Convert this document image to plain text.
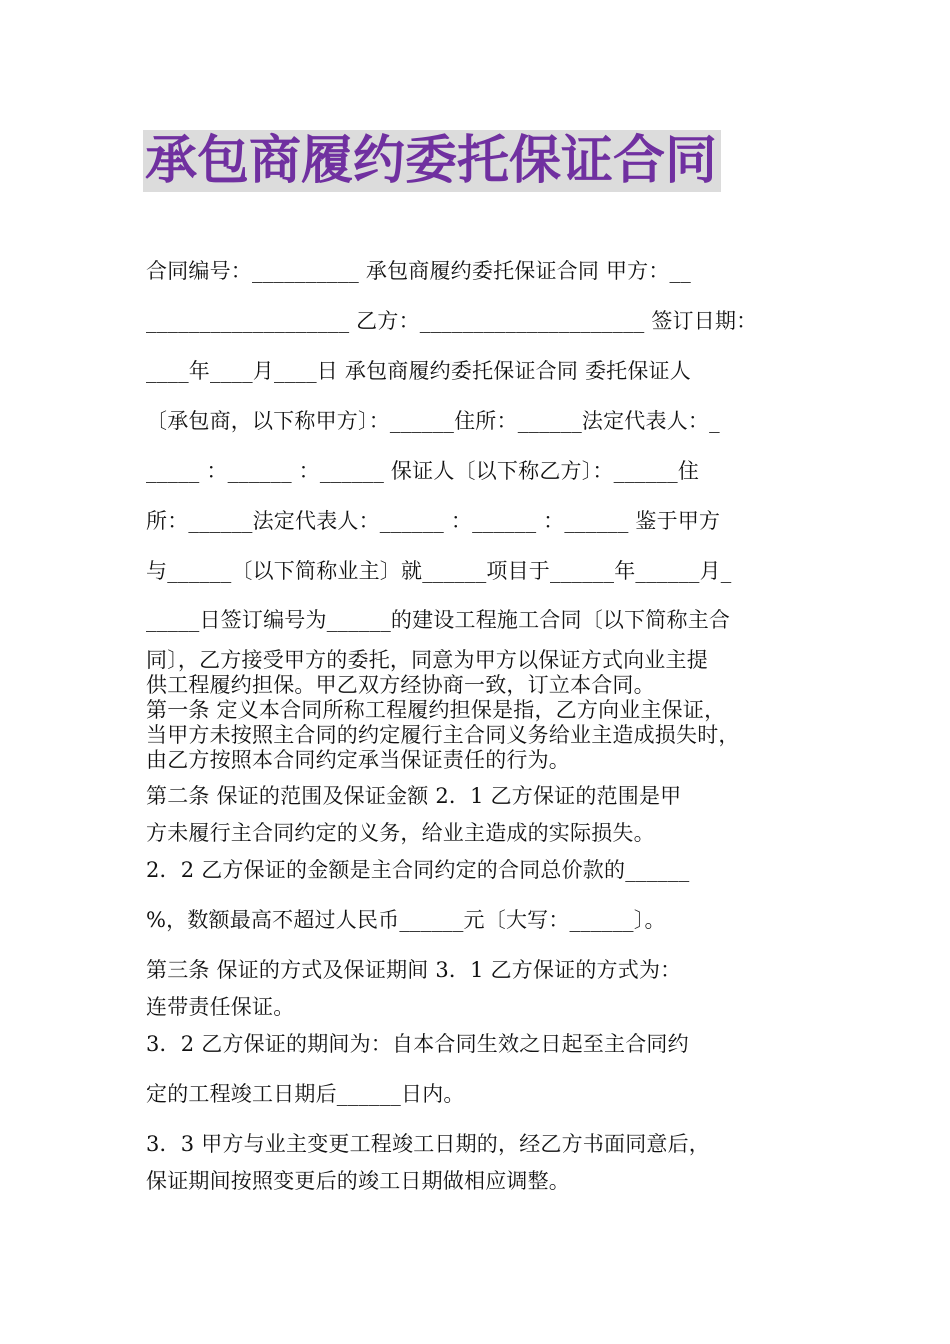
承包商履约委托保证合同
合同编号：__________ 承包商履约委托保证合同 甲方：__
___________________ 乙方：_____________________ 签订日期：
____年____月____日 承包商履约委托保证合同 委托保证人
〔承包商，以下称甲方〕：______住所：______法定代表人：_
_____ ：______ ：______ 保证人〔以下称乙方〕：______住
所：______法定代表人：______ ：______ ：______ 鉴于甲方
与______〔以下简称业主〕就______项目于______年______月_
_____日签订编号为______的建设工程施工合同〔以下简称主合
同〕，乙方接受甲方的委托，同意为甲方以保证方式向业主提
供工程履约担保。甲乙双方经协商一致，订立本合同。
第一条 定义本合同所称工程履约担保是指，乙方向业主保证，
当甲方未按照主合同的约定履行主合同义务给业主造成损失时，
由乙方按照本合同约定承当保证责任的行为。
第二条 保证的范围及保证金额 2．1 乙方保证的范围是甲
方未履行主合同约定的义务，给业主造成的实际损失。
2．2 乙方保证的金额是主合同约定的合同总价款的______
%，数额最高不超过人民币______元〔大写：______〕。
第三条 保证的方式及保证期间 3．1 乙方保证的方式为：
连带责任保证。
3．2 乙方保证的期间为：自本合同生效之日起至主合同约
定的工程竣工日期后______日内。
3．3 甲方与业主变更工程竣工日期的，经乙方书面同意后，
保证期间按照变更后的竣工日期做相应调整。
